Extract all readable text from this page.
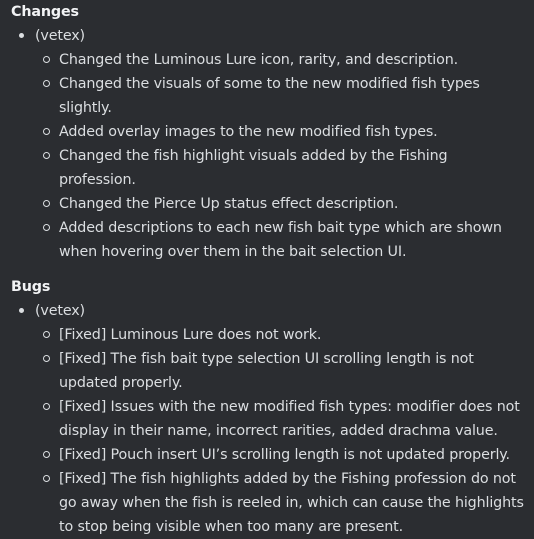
Changes
(vetex)
Changed the Luminous Lure icon, rarity, and description.
Changed the visuals of some to the new modified fish types slightly.
Added overlay images to the new modified fish types.
Changed the fish highlight visuals added by the Fishing profession.
Changed the Pierce Up status effect description.
Added descriptions to each new fish bait type which are shown when hovering over them in the bait selection UI.
Bugs
(vetex)
[Fixed] Luminous Lure does not work.
[Fixed] The fish bait type selection UI scrolling length is not updated properly.
[Fixed] Issues with the new modified fish types: modifier does not display in their name, incorrect rarities, added drachma value.
[Fixed] Pouch insert UI’s scrolling length is not updated properly.
[Fixed] The fish highlights added by the Fishing profession do not go away when the fish is reeled in, which can cause the highlights to stop being visible when too many are present.
